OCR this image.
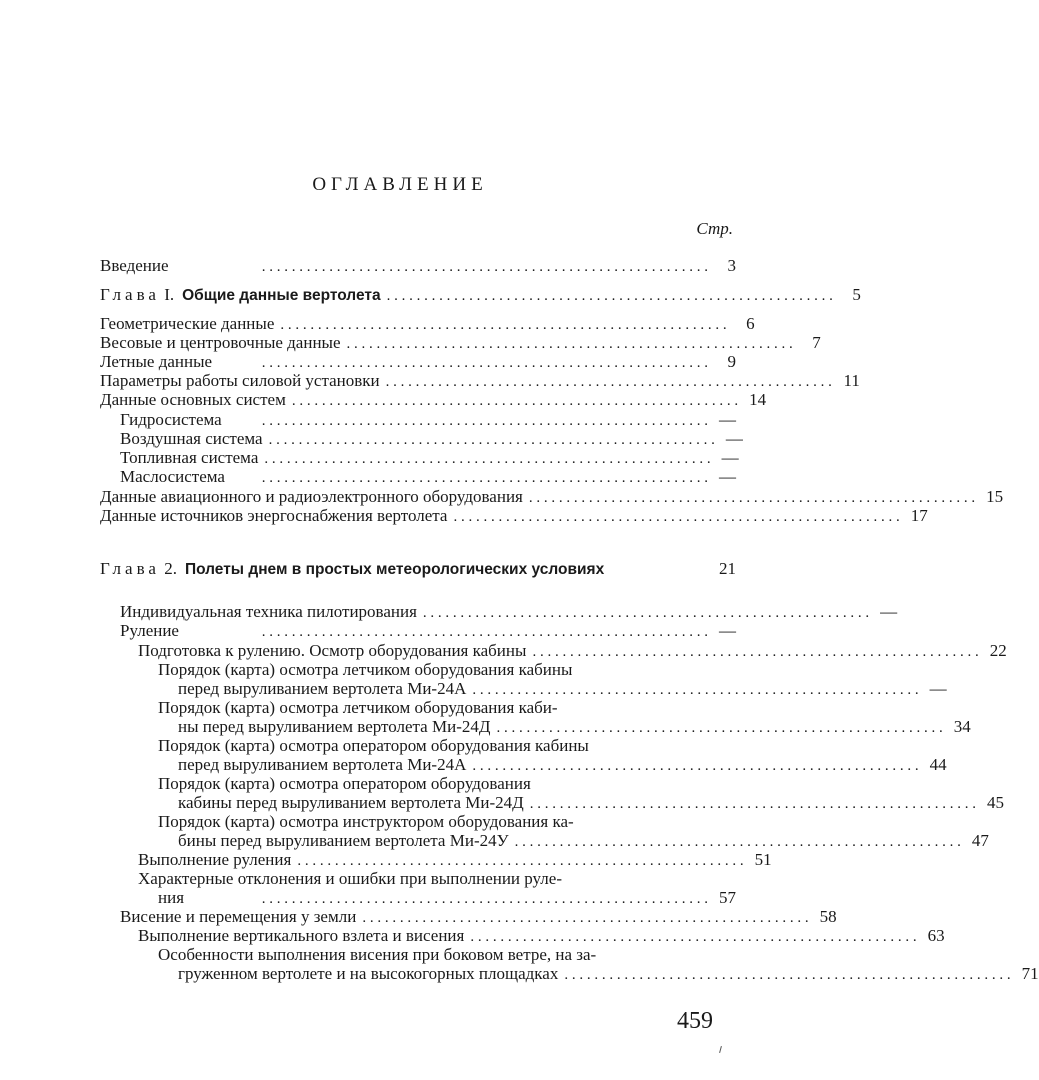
ОГЛАВЛЕНИЕ
Стр.
Введение	. . . . . . . . . . . . . . . . . . . . . . . . . . . . . . . . . . . . . . . . . . . . . . . . . . . . . . . . . . . .	3
Глава I. Общие данные вертолета . . . . . . . . . . . . . . . . . . . . . . . . . . . . . . . . . . . . . . . . . . . . . . . . . . . . . . . . . . . .	5
Геометрические данные . . . . . . . . . . . . . . . . . . . . . . . . . . . . . . . . . . . . . . . . . . . . . . . . . . . . . . . . . . . .	6
Весовые и центровочные данные . . . . . . . . . . . . . . . . . . . . . . . . . . . . . . . . . . . . . . . . . . . . . . . . . . . . . . . . . . . .	7
Летные данные	. . . . . . . . . . . . . . . . . . . . . . . . . . . . . . . . . . . . . . . . . . . . . . . . . . . . . . . . . . . .	9
Параметры работы силовой установки . . . . . . . . . . . . . . . . . . . . . . . . . . . . . . . . . . . . . . . . . . . . . . . . . . . . . . . . . . . . 11
Данные основных систем . . . . . . . . . . . . . . . . . . . . . . . . . . . . . . . . . . . . . . . . . . . . . . . . . . . . . . . . . . . . 14
Гидросистема	. . . . . . . . . . . . . . . . . . . . . . . . . . . . . . . . . . . . . . . . . . . . . . . . . . . . . . . . . . . . —
Воздушная система . . . . . . . . . . . . . . . . . . . . . . . . . . . . . . . . . . . . . . . . . . . . . . . . . . . . . . . . . . . . —
Топливная система . . . . . . . . . . . . . . . . . . . . . . . . . . . . . . . . . . . . . . . . . . . . . . . . . . . . . . . . . . . . —
Маслосистема	. . . . . . . . . . . . . . . . . . . . . . . . . . . . . . . . . . . . . . . . . . . . . . . . . . . . . . . . . . . . —
Данные авиационного и радиоэлектронного оборудования . . . . . . . . . . . . . . . . . . . . . . . . . . . . . . . . . . . . . . . . . . . . . . . . . . . . . . . . . . . . 15
Данные источников энергоснабжения вертолета . . . . . . . . . . . . . . . . . . . . . . . . . . . . . . . . . . . . . . . . . . . . . . . . . . . . . . . . . . . . 17
Глава 2. Полеты днем в простых метеорологических условиях	21
Индивидуальная техника пилотирования . . . . . . . . . . . . . . . . . . . . . . . . . . . . . . . . . . . . . . . . . . . . . . . . . . . . . . . . . . . . —
Руление	. . . . . . . . . . . . . . . . . . . . . . . . . . . . . . . . . . . . . . . . . . . . . . . . . . . . . . . . . . . . —
Подготовка к рулению. Осмотр оборудования кабины . . . . . . . . . . . . . . . . . . . . . . . . . . . . . . . . . . . . . . . . . . . . . . . . . . . . . . . . . . . . 22
Порядок (карта) осмотра летчиком оборудования кабины
перед выруливанием вертолета Ми-24А . . . . . . . . . . . . . . . . . . . . . . . . . . . . . . . . . . . . . . . . . . . . . . . . . . . . . . . . . . . . —
Порядок (карта) осмотра летчиком оборудования каби-
ны перед выруливанием вертолета Ми-24Д . . . . . . . . . . . . . . . . . . . . . . . . . . . . . . . . . . . . . . . . . . . . . . . . . . . . . . . . . . . . 34
Порядок (карта) осмотра оператором оборудования кабины
перед выруливанием вертолета Ми-24А . . . . . . . . . . . . . . . . . . . . . . . . . . . . . . . . . . . . . . . . . . . . . . . . . . . . . . . . . . . . 44
Порядок (карта) осмотра оператором оборудования
кабины перед выруливанием вертолета Ми-24Д . . . . . . . . . . . . . . . . . . . . . . . . . . . . . . . . . . . . . . . . . . . . . . . . . . . . . . . . . . . . 45
Порядок (карта) осмотра инструктором оборудования ка-
бины перед выруливанием вертолета Ми-24У . . . . . . . . . . . . . . . . . . . . . . . . . . . . . . . . . . . . . . . . . . . . . . . . . . . . . . . . . . . . 47
Выполнение руления . . . . . . . . . . . . . . . . . . . . . . . . . . . . . . . . . . . . . . . . . . . . . . . . . . . . . . . . . . . . 51
Характерные отклонения и ошибки при выполнении руле-
ния	. . . . . . . . . . . . . . . . . . . . . . . . . . . . . . . . . . . . . . . . . . . . . . . . . . . . . . . . . . . . 57
Висение и перемещения у земли . . . . . . . . . . . . . . . . . . . . . . . . . . . . . . . . . . . . . . . . . . . . . . . . . . . . . . . . . . . . 58
Выполнение вертикального взлета и висения . . . . . . . . . . . . . . . . . . . . . . . . . . . . . . . . . . . . . . . . . . . . . . . . . . . . . . . . . . . . 63
Особенности выполнения висения при боковом ветре, на за-
груженном вертолете и на высокогорных площадках . . . . . . . . . . . . . . . . . . . . . . . . . . . . . . . . . . . . . . . . . . . . . . . . . . . . . . . . . . . . 71
459
